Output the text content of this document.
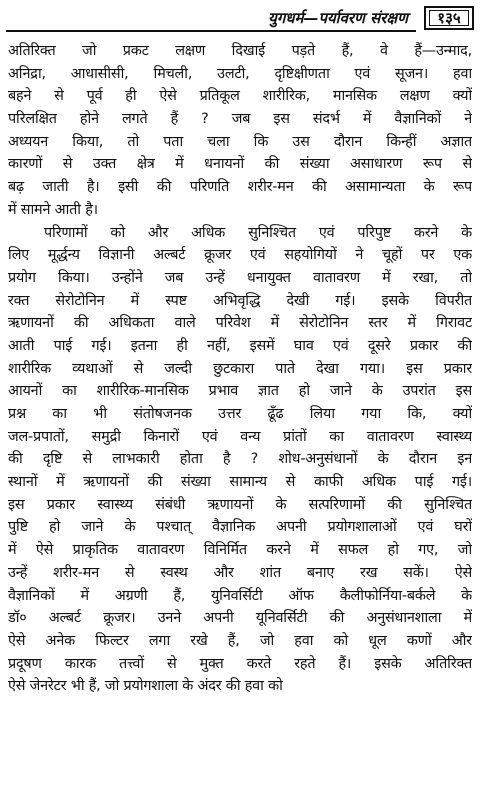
युगधर्म—पर्यावरण संरक्षण	१३५
अतिरिक्त जो प्रकट लक्षण दिखाई पड़ते हैं, वे हैं—उन्माद,
अनिद्रा, आधासीसी, मिचली, उलटी, दृष्टिक्षीणता एवं सूजन। हवा
बहने से पूर्व ही ऐसे प्रतिकूल शारीरिक, मानसिक लक्षण क्यों
परिलक्षित होने लगते हैं ? जब इस संदर्भ में वैज्ञानिकों ने
अध्ययन किया, तो पता चला कि उस दौरान किन्हीं अज्ञात
कारणों से उक्त क्षेत्र में धनायनों की संख्या असाधारण रूप से
बढ़ जाती है। इसी की परिणति शरीर-मन की असामान्यता के रूप
में सामने आती है।
परिणामों को और अधिक सुनिश्चित एवं परिपुष्ट करने के
लिए मूर्द्धन्य विज्ञानी अल्बर्ट क्रूजर एवं सहयोगियों ने चूहों पर एक
प्रयोग किया। उन्होंने जब उन्हें धनायुक्त वातावरण में रखा, तो
रक्त सेरोटोनिन में स्पष्ट अभिवृद्धि देखी गई। इसके विपरीत
ऋणायनों की अधिकता वाले परिवेश में सेरोटोनिन स्तर में गिरावट
आती पाई गई। इतना ही नहीं, इसमें घाव एवं दूसरे प्रकार की
शारीरिक व्यथाओं से जल्दी छुटकारा पाते देखा गया। इस प्रकार
आयनों का शारीरिक-मानसिक प्रभाव ज्ञात हो जाने के उपरांत इस
प्रश्न का भी संतोषजनक उत्तर ढूँढ लिया गया कि, क्यों
जल-प्रपातों, समुद्री किनारों एवं वन्य प्रांतों का वातावरण स्वास्थ्य
की दृष्टि से लाभकारी होता है ? शोध-अनुसंधानों के दौरान इन
स्थानों में ऋणायनों की संख्या सामान्य से काफी अधिक पाई गई।
इस प्रकार स्वास्थ्य संबंधी ऋणायनों के सत्परिणामों की सुनिश्चित
पुष्टि हो जाने के पश्चात् वैज्ञानिक अपनी प्रयोगशालाओं एवं घरों
में ऐसे प्राकृतिक वातावरण विनिर्मित करने में सफल हो गए, जो
उन्हें शरीर-मन से स्वस्थ और शांत बनाए रख सकें। ऐसे
वैज्ञानिकों में अग्रणी हैं, युनिवर्सिटी ऑफ कैलीफोर्निया-बर्कले के
डॉ० अल्बर्ट क्रूजर। उनने अपनी यूनिवर्सिटी की अनुसंधानशाला में
ऐसे अनेक फिल्टर लगा रखे हैं, जो हवा को धूल कणों और
प्रदूषण कारक तत्त्वों से मुक्त करते रहते हैं। इसके अतिरिक्त
ऐसे जेनरेटर भी हैं, जो प्रयोगशाला के अंदर की हवा को
